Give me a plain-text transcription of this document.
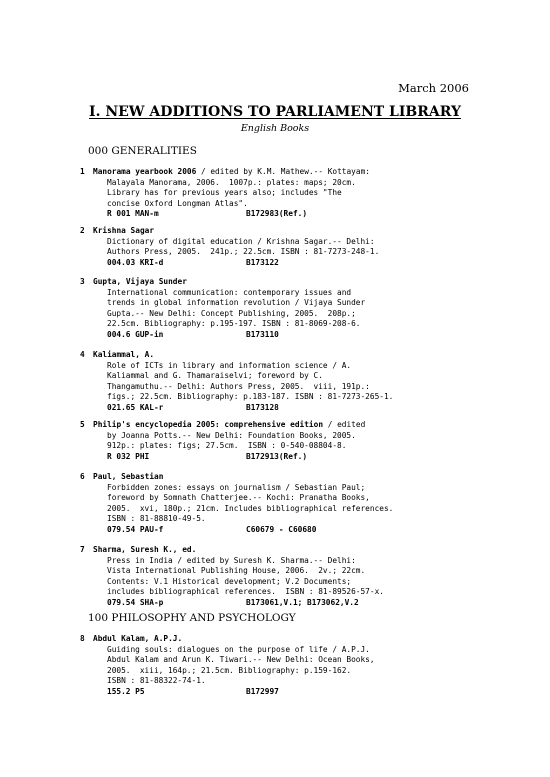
March 2006
I. NEW ADDITIONS TO PARLIAMENT LIBRARY
English Books
000 GENERALITIES
1 Manorama yearbook 2006 / edited by K.M. Mathew.-- Kottayam:
Malayala Manorama, 2006.  1007p.: plates: maps; 20cm.
Library has for previous years also; includes "The
concise Oxford Longman Atlas".
R 001 MAN-m	B172983(Ref.)
2 Krishna Sagar
Dictionary of digital education / Krishna Sagar.-- Delhi:
Authors Press, 2005.  241p.; 22.5cm. ISBN : 81-7273-248-1.
004.03 KRI-d	B173122
3 Gupta, Vijaya Sunder
International communication: contemporary issues and
trends in global information revolution / Vijaya Sunder
Gupta.-- New Delhi: Concept Publishing, 2005.  208p.;
22.5cm. Bibliography: p.195-197. ISBN : 81-8069-208-6.
004.6 GUP-in	B173110
4 Kaliammal, A.
Role of ICTs in library and information science / A.
Kaliammal and G. Thamaraiselvi; foreword by C.
Thangamuthu.-- Delhi: Authors Press, 2005.  viii, 191p.:
figs.; 22.5cm. Bibliography: p.183-187. ISBN : 81-7273-265-1.
021.65 KAL-r	B173128
5 Philip's encyclopedia 2005: comprehensive edition / edited
by Joanna Potts.-- New Delhi: Foundation Books, 2005.
912p.: plates: figs; 27.5cm.  ISBN : 0-540-08804-8.
R 032 PHI	B172913(Ref.)
6 Paul, Sebastian
Forbidden zones: essays on journalism / Sebastian Paul;
foreword by Somnath Chatterjee.-- Kochi: Pranatha Books,
2005.  xvi, 180p.; 21cm. Includes bibliographical references.
ISBN : 81-88810-49-5.
079.54 PAU-f	C60679 - C60680
7 Sharma, Suresh K., ed.
Press in India / edited by Suresh K. Sharma.-- Delhi:
Vista International Publishing House, 2006.  2v.; 22cm.
Contents: V.1 Historical development; V.2 Documents;
includes bibliographical references.  ISBN : 81-89526-57-x.
079.54 SHA-p	B173061,V.1; B173062,V.2
100 PHILOSOPHY AND PSYCHOLOGY
8 Abdul Kalam, A.P.J.
Guiding souls: dialogues on the purpose of life / A.P.J.
Abdul Kalam and Arun K. Tiwari.-- New Delhi: Ocean Books,
2005.  xiii, 164p.; 21.5cm. Bibliography: p.159-162.
ISBN : 81-88322-74-1.
155.2 P5	B172997
